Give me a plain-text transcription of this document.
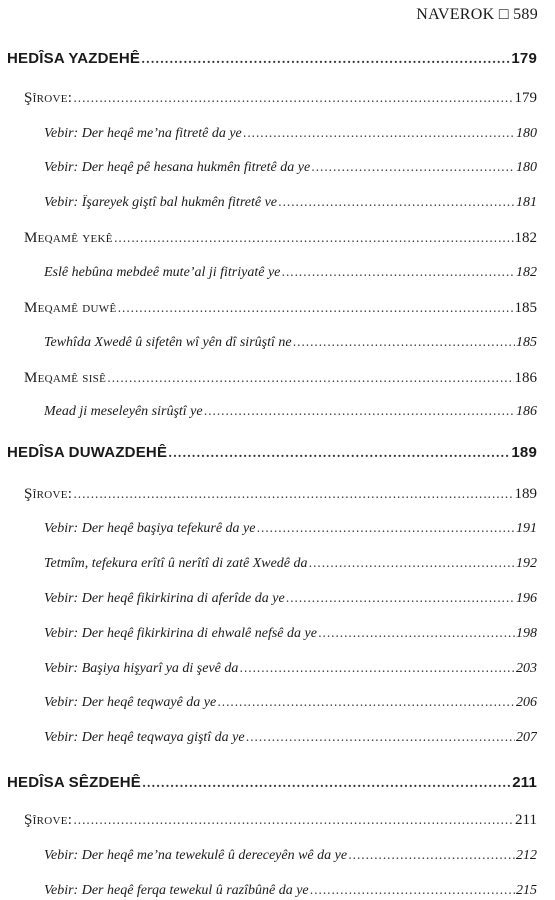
NAVEROK □ 589
HEDÎSA YAZDEHÊ .....	179
Şîrove: .....	179
Vebir: Der heqê me’na fitretê da ye .....	180
Vebir: Der heqê pê hesana hukmên fitretê da ye .....	180
Vebir: Îşareyek giştî bal hukmên fitretê ve .....	181
Meqamê yekê .....	182
Eslê hebûna mebdeê mute’al ji fitriyatê ye .....	182
Meqamê duwê .....	185
Tewhîda Xwedê û sifetên wî yên dî sirûştî ne .....	185
Meqamê sisê .....	186
Mead ji meseleyên sirûştî ye .....	186
HEDÎSA DUWAZDEHÊ .....	189
Şîrove: .....	189
Vebir: Der heqê başiya tefekurê da ye .....	191
Tetmîm, tefekura erîtî û nerîtî di zatê Xwedê da .....	192
Vebir: Der heqê fikirkirina di aferîde da ye .....	196
Vebir: Der heqê fikirkirina di ehwalê nefsê da ye .....	198
Vebir: Başiya hişyarî ya di şevê da .....	203
Vebir: Der heqê teqwayê da ye .....	206
Vebir: Der heqê teqwaya giştî da ye .....	207
HEDÎSA SÊZDEHÊ .....	211
Şîrove: .....	211
Vebir: Der heqê me’na tewekulê û dereceyên wê da ye .....	212
Vebir: Der heqê ferqa tewekul û razîbûnê da ye .....	215
